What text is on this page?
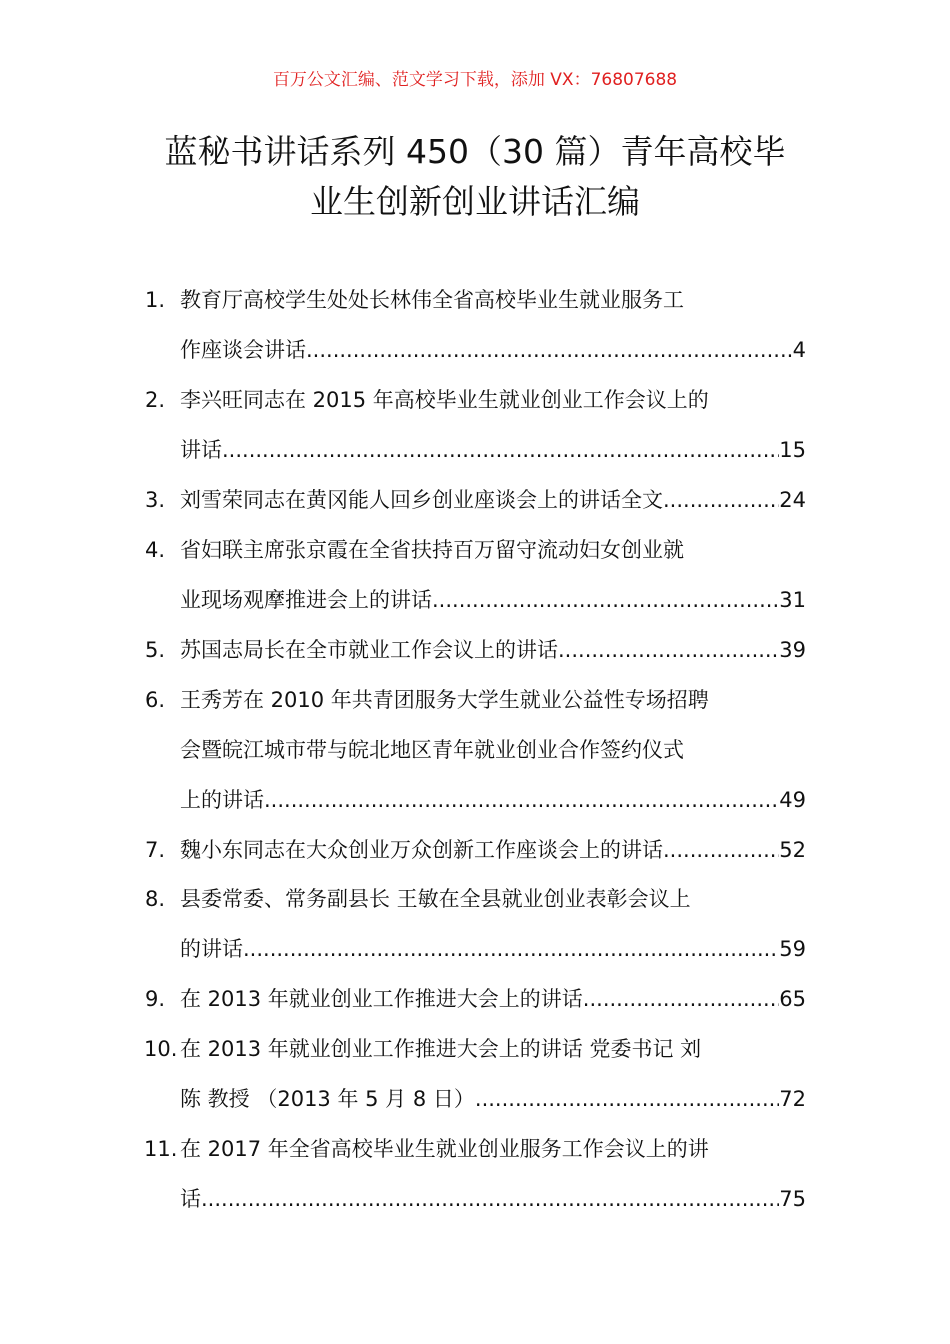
百万公文汇编、范文学习下载，添加 VX：76807688
蓝秘书讲话系列 450（30 篇）青年高校毕
业生创新创业讲话汇编
1. 教育厅高校学生处处长林伟全省高校毕业生就业服务工
作座谈会讲话 .....	4
2. 李兴旺同志在 2015 年高校毕业生就业创业工作会议上的
讲话 .....	15
3. 刘雪荣同志在黄冈能人回乡创业座谈会上的讲话全文 .....	24
4. 省妇联主席张京霞在全省扶持百万留守流动妇女创业就
业现场观摩推进会上的讲话 .....	31
5. 苏国志局长在全市就业工作会议上的讲话 .....	39
6. 王秀芳在 2010 年共青团服务大学生就业公益性专场招聘
会暨皖江城市带与皖北地区青年就业创业合作签约仪式
上的讲话 .....	49
7. 魏小东同志在大众创业万众创新工作座谈会上的讲话 .....	52
8. 县委常委、常务副县长 王敏在全县就业创业表彰会议上
的讲话 .....	59
9. 在 2013 年就业创业工作推进大会上的讲话 .....	65
10. 在 2013 年就业创业工作推进大会上的讲话 党委书记 刘
陈 教授 （2013 年 5 月 8 日） .....	72
11. 在 2017 年全省高校毕业生就业创业服务工作会议上的讲
话 .....	75
